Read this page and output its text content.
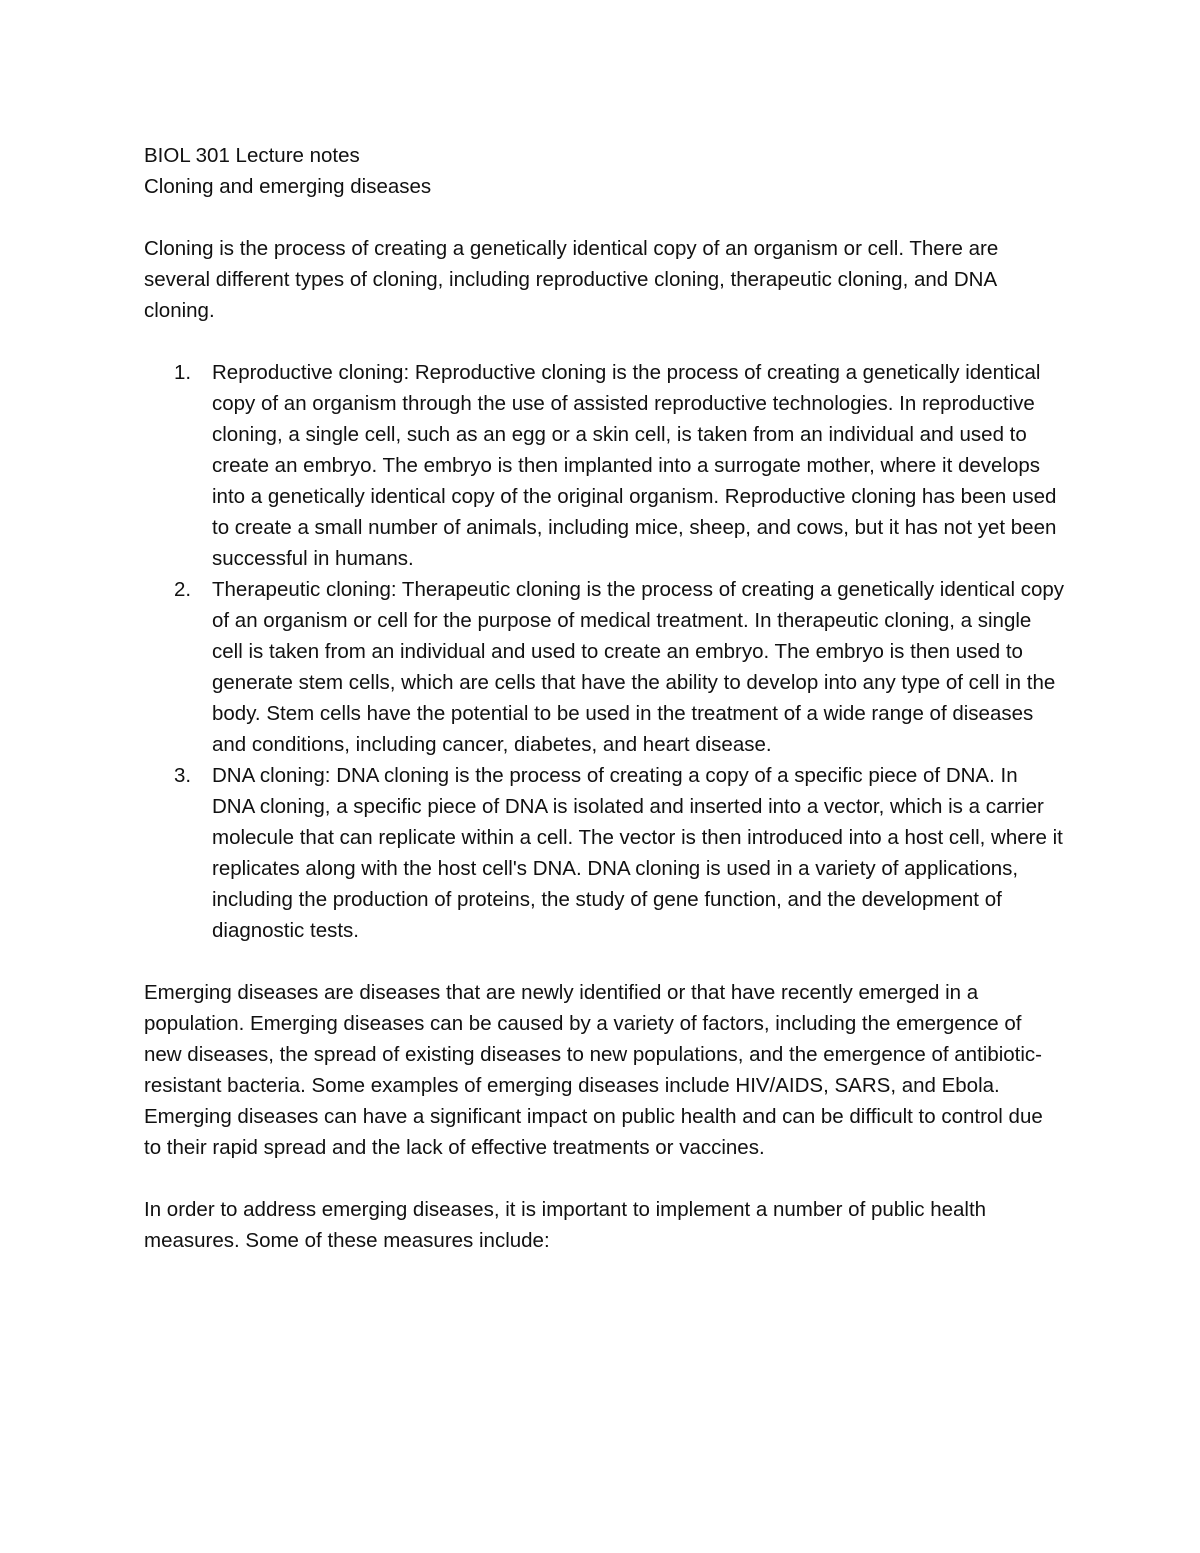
BIOL 301 Lecture notes
Cloning and emerging diseases

Cloning is the process of creating a genetically identical copy of an organism or cell. There are several different types of cloning, including reproductive cloning, therapeutic cloning, and DNA cloning.

1. Reproductive cloning: Reproductive cloning is the process of creating a genetically identical copy of an organism through the use of assisted reproductive technologies. In reproductive cloning, a single cell, such as an egg or a skin cell, is taken from an individual and used to create an embryo. The embryo is then implanted into a surrogate mother, where it develops into a genetically identical copy of the original organism. Reproductive cloning has been used to create a small number of animals, including mice, sheep, and cows, but it has not yet been successful in humans.
2. Therapeutic cloning: Therapeutic cloning is the process of creating a genetically identical copy of an organism or cell for the purpose of medical treatment. In therapeutic cloning, a single cell is taken from an individual and used to create an embryo. The embryo is then used to generate stem cells, which are cells that have the ability to develop into any type of cell in the body. Stem cells have the potential to be used in the treatment of a wide range of diseases and conditions, including cancer, diabetes, and heart disease.
3. DNA cloning: DNA cloning is the process of creating a copy of a specific piece of DNA. In DNA cloning, a specific piece of DNA is isolated and inserted into a vector, which is a carrier molecule that can replicate within a cell. The vector is then introduced into a host cell, where it replicates along with the host cell's DNA. DNA cloning is used in a variety of applications, including the production of proteins, the study of gene function, and the development of diagnostic tests.

Emerging diseases are diseases that are newly identified or that have recently emerged in a population. Emerging diseases can be caused by a variety of factors, including the emergence of new diseases, the spread of existing diseases to new populations, and the emergence of antibiotic-resistant bacteria. Some examples of emerging diseases include HIV/AIDS, SARS, and Ebola. Emerging diseases can have a significant impact on public health and can be difficult to control due to their rapid spread and the lack of effective treatments or vaccines.

In order to address emerging diseases, it is important to implement a number of public health measures. Some of these measures include:
